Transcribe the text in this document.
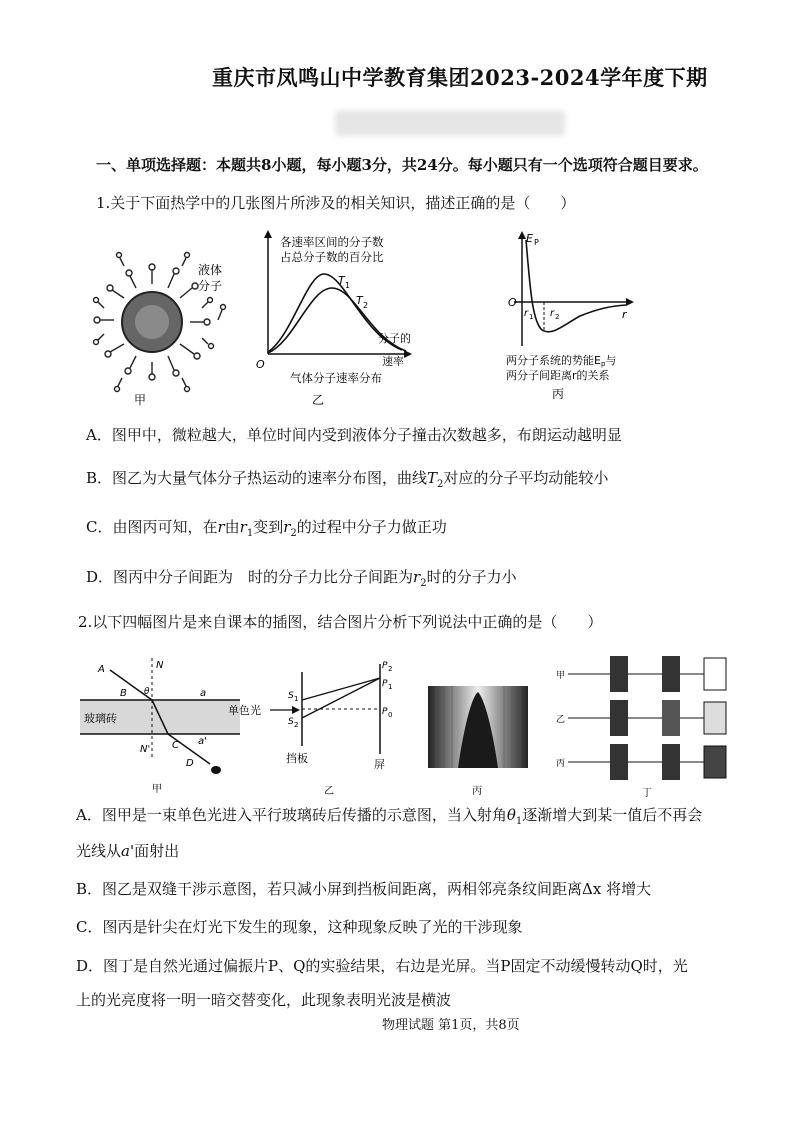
重庆市凤鸣山中学教育集团2023-2024学年度下期
一、单项选择题：本题共8小题，每小题3分，共24分。每小题只有一个选项符合题目要求。
1.关于下面热学中的几张图片所涉及的相关知识，描述正确的是（　　）
液体
分子
甲
各速率区间的分子数
占总分子数的百分比
T 1
T 2
分子的
速率
O
气体分子速率分布
乙
E P
O
r 1 r 2	r
两分子系统的势能Ep与
两分子间距离r的关系
丙
A．图甲中，微粒越大，单位时间内受到液体分子撞击次数越多，布朗运动越明显
B．图乙为大量气体分子热运动的速率分布图，曲线$T_2$对应的分子平均动能较小
C．由图丙可知，在r由$r_1$变到$r_2$的过程中分子力做正功
D．图丙中分子间距为　时的分子力比分子间距为$r_2$时的分子力小
2.以下四幅图片是来自课本的插图，结合图片分析下列说法中正确的是（　　）
A	N
θ
B	a
玻璃砖
N' C a'
D
甲
单色光
S 1
S 2
P 2
P 1
P 0
挡板	屏
乙	丙
甲
乙
丙
丁
A．图甲是一束单色光进入平行玻璃砖后传播的示意图，当入射角$\theta_1$逐渐增大到某一值后不再会
光线从a'面射出
B．图乙是双缝干涉示意图，若只减小屏到挡板间距离，两相邻亮条纹间距离Δx 将增大
C．图丙是针尖在灯光下发生的现象，这种现象反映了光的干涉现象
D．图丁是自然光通过偏振片P、Q的实验结果，右边是光屏。当P固定不动缓慢转动Q时，光
上的光亮度将一明一暗交替变化，此现象表明光波是横波
物理试题 第1页，共8页
